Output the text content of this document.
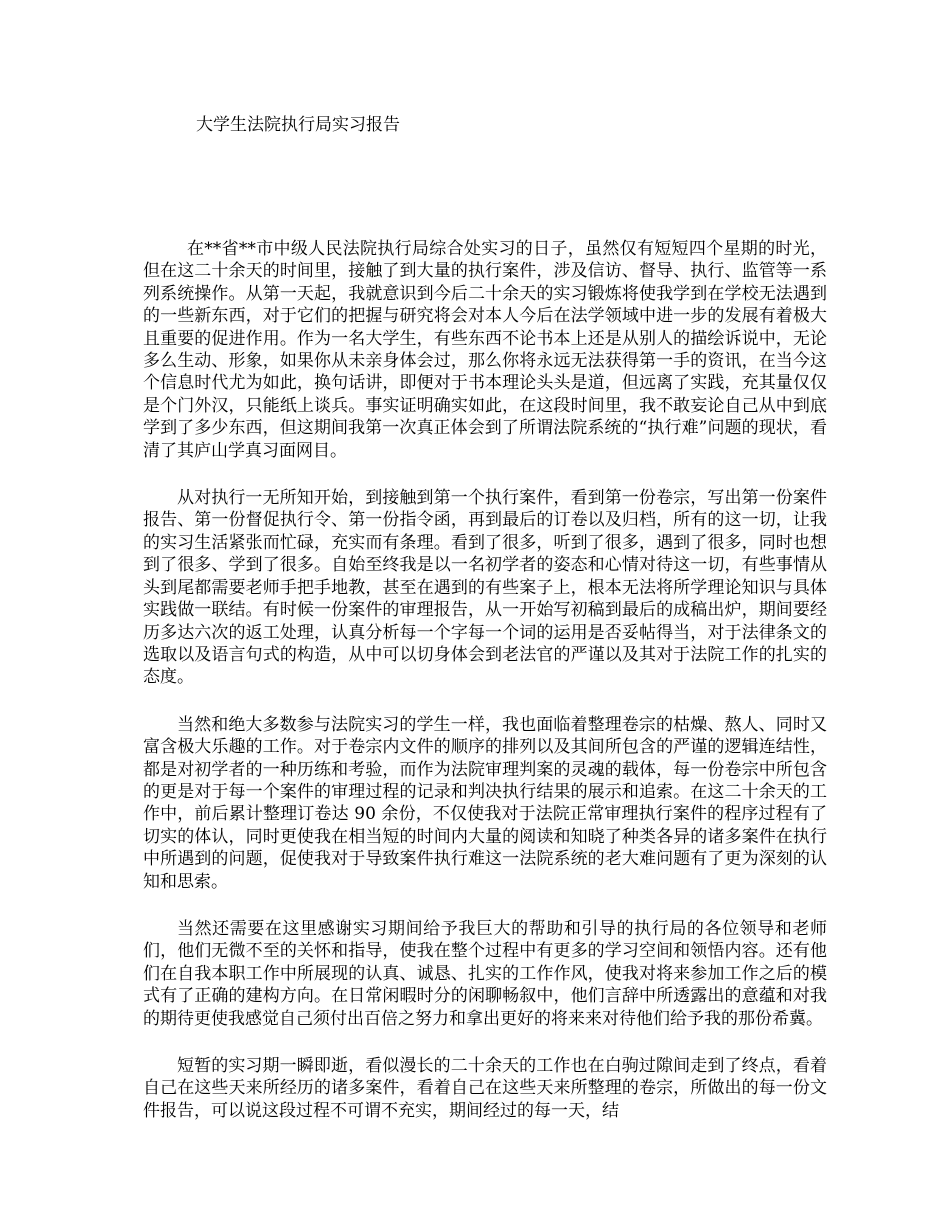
大学生法院执行局实习报告

在**省**市中级人民法院执行局综合处实习的日子，虽然仅有短短四个星期的时光，但在这二十余天的时间里，接触了到大量的执行案件，涉及信访、督导、执行、监管等一系列系统操作。从第一天起，我就意识到今后二十余天的实习锻炼将使我学到在学校无法遇到的一些新东西，对于它们的把握与研究将会对本人今后在法学领域中进一步的发展有着极大且重要的促进作用。作为一名大学生，有些东西不论书本上还是从别人的描绘诉说中，无论多么生动、形象，如果你从未亲身体会过，那么你将永远无法获得第一手的资讯，在当今这个信息时代尤为如此，换句话讲，即便对于书本理论头头是道，但远离了实践，充其量仅仅是个门外汉，只能纸上谈兵。事实证明确实如此，在这段时间里，我不敢妄论自己从中到底学到了多少东西，但这期间我第一次真正体会到了所谓法院系统的“执行难”问题的现状，看清了其庐山学真习面网目。

从对执行一无所知开始，到接触到第一个执行案件，看到第一份卷宗，写出第一份案件报告、第一份督促执行令、第一份指令函，再到最后的订卷以及归档，所有的这一切，让我的实习生活紧张而忙碌，充实而有条理。看到了很多，听到了很多，遇到了很多，同时也想到了很多、学到了很多。自始至终我是以一名初学者的姿态和心情对待这一切，有些事情从头到尾都需要老师手把手地教，甚至在遇到的有些案子上，根本无法将所学理论知识与具体实践做一联结。有时候一份案件的审理报告，从一开始写初稿到最后的成稿出炉，期间要经历多达六次的返工处理，认真分析每一个字每一个词的运用是否妥帖得当，对于法律条文的选取以及语言句式的构造，从中可以切身体会到老法官的严谨以及其对于法院工作的扎实的态度。

当然和绝大多数参与法院实习的学生一样，我也面临着整理卷宗的枯燥、熬人、同时又富含极大乐趣的工作。对于卷宗内文件的顺序的排列以及其间所包含的严谨的逻辑连结性，都是对初学者的一种历练和考验，而作为法院审理判案的灵魂的载体，每一份卷宗中所包含的更是对于每一个案件的审理过程的记录和判决执行结果的展示和追索。在这二十余天的工作中，前后累计整理订卷达 90 余份，不仅使我对于法院正常审理执行案件的程序过程有了切实的体认，同时更使我在相当短的时间内大量的阅读和知晓了种类各异的诸多案件在执行中所遇到的问题，促使我对于导致案件执行难这一法院系统的老大难问题有了更为深刻的认知和思索。

当然还需要在这里感谢实习期间给予我巨大的帮助和引导的执行局的各位领导和老师们，他们无微不至的关怀和指导，使我在整个过程中有更多的学习空间和领悟内容。还有他们在自我本职工作中所展现的认真、诚恳、扎实的工作作风，使我对将来参加工作之后的模式有了正确的建构方向。在日常闲暇时分的闲聊畅叙中，他们言辞中所透露出的意蕴和对我的期待更使我感觉自己须付出百倍之努力和拿出更好的将来来对待他们给予我的那份希冀。

短暂的实习期一瞬即逝，看似漫长的二十余天的工作也在白驹过隙间走到了终点，看着自己在这些天来所经历的诸多案件，看着自己在这些天来所整理的卷宗，所做出的每一份文件报告，可以说这段过程不可谓不充实，期间经过的每一天，结
